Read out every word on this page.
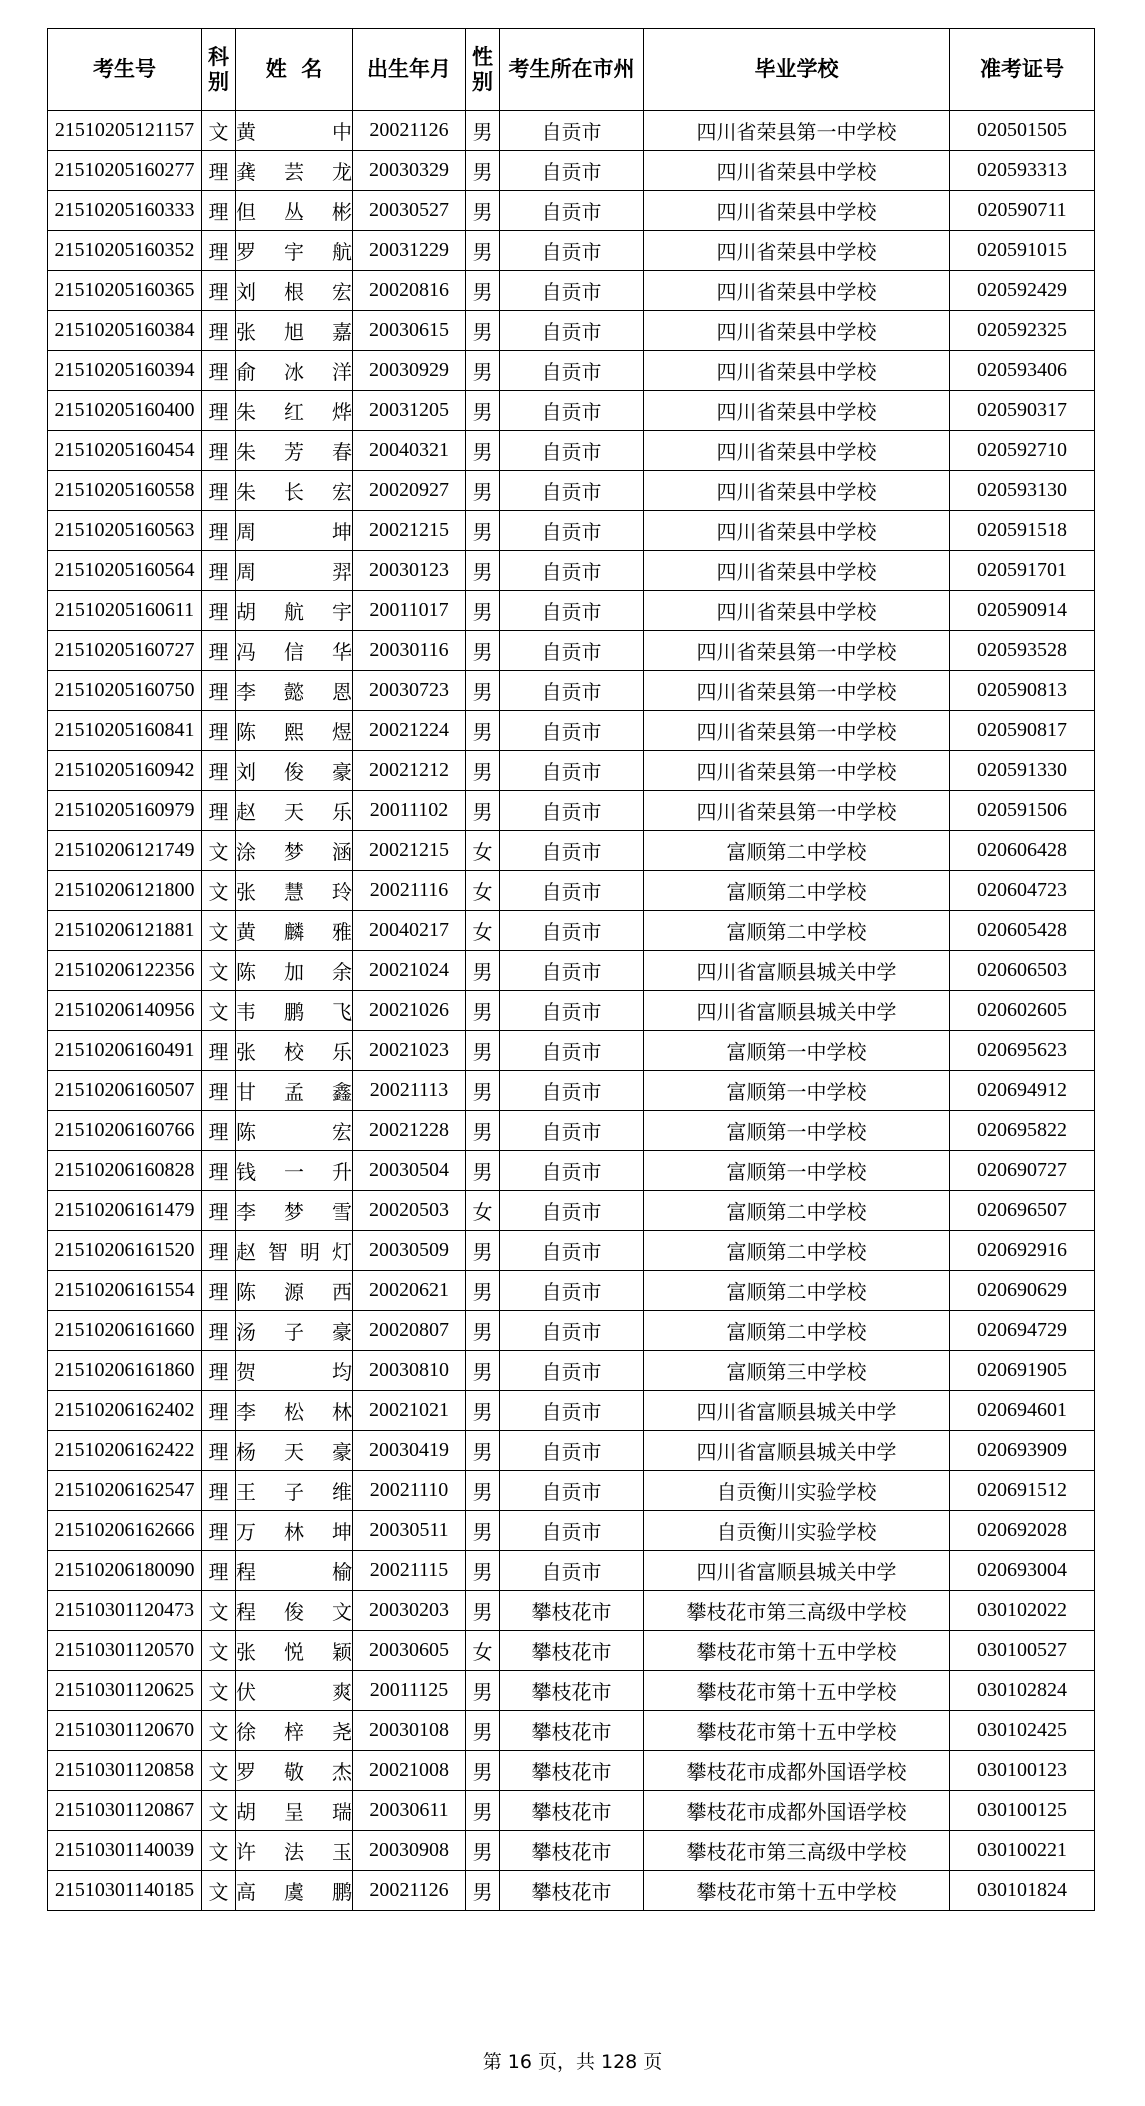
考生号	科别	姓  名	出生年月	性别	考生所在市州	毕业学校	准考证号
21510205121157	文	黄中	20021126	男	自贡市	四川省荣县第一中学校	020501505
21510205160277	理	龚芸龙	20030329	男	自贡市	四川省荣县中学校	020593313
21510205160333	理	但丛彬	20030527	男	自贡市	四川省荣县中学校	020590711
21510205160352	理	罗宇航	20031229	男	自贡市	四川省荣县中学校	020591015
21510205160365	理	刘根宏	20020816	男	自贡市	四川省荣县中学校	020592429
21510205160384	理	张旭嘉	20030615	男	自贡市	四川省荣县中学校	020592325
21510205160394	理	俞冰洋	20030929	男	自贡市	四川省荣县中学校	020593406
21510205160400	理	朱红烨	20031205	男	自贡市	四川省荣县中学校	020590317
21510205160454	理	朱芳春	20040321	男	自贡市	四川省荣县中学校	020592710
21510205160558	理	朱长宏	20020927	男	自贡市	四川省荣县中学校	020593130
21510205160563	理	周坤	20021215	男	自贡市	四川省荣县中学校	020591518
21510205160564	理	周羿	20030123	男	自贡市	四川省荣县中学校	020591701
21510205160611	理	胡航宇	20011017	男	自贡市	四川省荣县中学校	020590914
21510205160727	理	冯信华	20030116	男	自贡市	四川省荣县第一中学校	020593528
21510205160750	理	李懿恩	20030723	男	自贡市	四川省荣县第一中学校	020590813
21510205160841	理	陈熙煜	20021224	男	自贡市	四川省荣县第一中学校	020590817
21510205160942	理	刘俊豪	20021212	男	自贡市	四川省荣县第一中学校	020591330
21510205160979	理	赵天乐	20011102	男	自贡市	四川省荣县第一中学校	020591506
21510206121749	文	涂梦涵	20021215	女	自贡市	富顺第二中学校	020606428
21510206121800	文	张慧玲	20021116	女	自贡市	富顺第二中学校	020604723
21510206121881	文	黄麟雅	20040217	女	自贡市	富顺第二中学校	020605428
21510206122356	文	陈加余	20021024	男	自贡市	四川省富顺县城关中学	020606503
21510206140956	文	韦鹏飞	20021026	男	自贡市	四川省富顺县城关中学	020602605
21510206160491	理	张校乐	20021023	男	自贡市	富顺第一中学校	020695623
21510206160507	理	甘孟鑫	20021113	男	自贡市	富顺第一中学校	020694912
21510206160766	理	陈宏	20021228	男	自贡市	富顺第一中学校	020695822
21510206160828	理	钱一升	20030504	男	自贡市	富顺第一中学校	020690727
21510206161479	理	李梦雪	20020503	女	自贡市	富顺第二中学校	020696507
21510206161520	理	赵智明灯	20030509	男	自贡市	富顺第二中学校	020692916
21510206161554	理	陈源西	20020621	男	自贡市	富顺第二中学校	020690629
21510206161660	理	汤子豪	20020807	男	自贡市	富顺第二中学校	020694729
21510206161860	理	贺均	20030810	男	自贡市	富顺第三中学校	020691905
21510206162402	理	李松林	20021021	男	自贡市	四川省富顺县城关中学	020694601
21510206162422	理	杨天豪	20030419	男	自贡市	四川省富顺县城关中学	020693909
21510206162547	理	王子维	20021110	男	自贡市	自贡衡川实验学校	020691512
21510206162666	理	万林坤	20030511	男	自贡市	自贡衡川实验学校	020692028
21510206180090	理	程榆	20021115	男	自贡市	四川省富顺县城关中学	020693004
21510301120473	文	程俊文	20030203	男	攀枝花市	攀枝花市第三高级中学校	030102022
21510301120570	文	张悦颖	20030605	女	攀枝花市	攀枝花市第十五中学校	030100527
21510301120625	文	伏爽	20011125	男	攀枝花市	攀枝花市第十五中学校	030102824
21510301120670	文	徐梓尧	20030108	男	攀枝花市	攀枝花市第十五中学校	030102425
21510301120858	文	罗敬杰	20021008	男	攀枝花市	攀枝花市成都外国语学校	030100123
21510301120867	文	胡呈瑞	20030611	男	攀枝花市	攀枝花市成都外国语学校	030100125
21510301140039	文	许法玉	20030908	男	攀枝花市	攀枝花市第三高级中学校	030100221
21510301140185	文	高虞鹏	20021126	男	攀枝花市	攀枝花市第十五中学校	030101824
第 16 页，共 128 页
